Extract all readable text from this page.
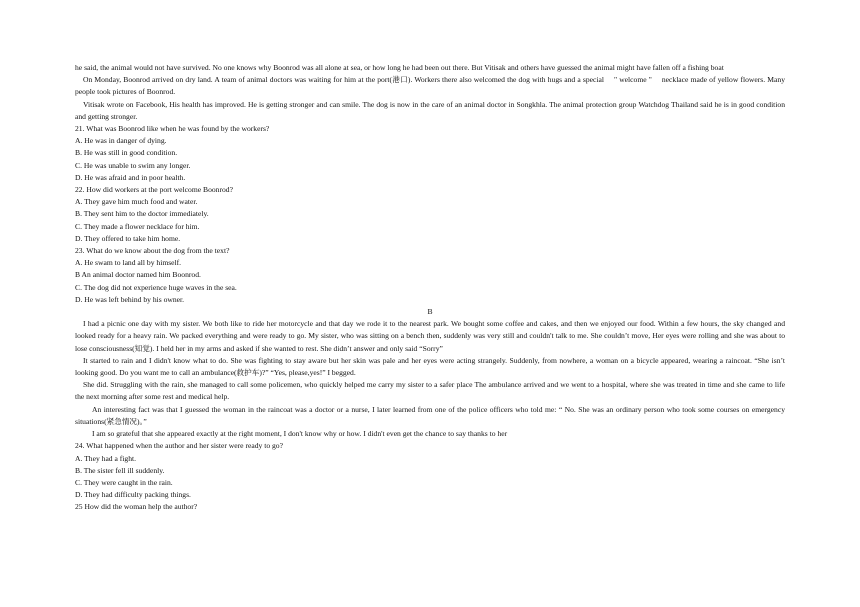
he said, the animal would not have survived. No one knows why Boonrod was all alone at sea, or how long he had been out there. But Vitisak and others have guessed the animal might have fallen off a fishing boat

On Monday, Boonrod arrived on dry land. A team of animal doctors was waiting for him at the port(港口). Workers there also welcomed the dog with hugs and a special 　" welcome " 　necklace made of yellow flowers. Many people took pictures of Boonrod.

Vitisak wrote on Facebook, His health has improved. He is getting stronger and can smile. The dog is now in the care of an animal doctor in Songkhla. The animal protection group Watchdog Thailand said he is in good condition and getting stronger.

21. What was Boonrod like when he was found by the workers?

A. He was in danger of dying.

B. He was still in good condition.

C. He was unable to swim any longer.

D. He was afraid and in poor health.

22. How did workers at the port welcome Boonrod?

A. They gave him much food and water.

B. They sent him to the doctor immediately.

C. They made a flower necklace for him.

D. They offered to take him home.

23. What do we know about the dog from the text?

A. He swam to land all by himself.

B An animal doctor named him Boonrod.

C. The dog did not experience huge waves in the sea.

D. He was left behind by his owner.

B

I had a picnic one day with my sister. We both like to ride her motorcycle and that day we rode it to the nearest park. We bought some coffee and cakes, and then we enjoyed our food. Within a few hours, the sky changed and looked ready for a heavy rain. We packed everything and were ready to go. My sister, who was sitting on a bench then, suddenly was very still and couldn't talk to me. She couldn’t move, Her eyes were rolling and she was about to lose consciousness(知觉). I held her in my arms and asked if she wanted to rest. She didn’t answer and only said “Sorry”

It started to rain and I didn't know what to do. She was fighting to stay aware but her skin was pale and her eyes were acting strangely. Suddenly, from nowhere, a woman on a bicycle appeared, wearing a raincoat. “She isn’t looking good. Do you want me to call an ambulance(救护车)?” “Yes, please,yes!” I begged.

She did. Struggling with the rain, she managed to call some policemen, who quickly helped me carry my sister to a safer place The ambulance arrived and we went to a hospital, where she was treated in time and she came to life the next morning after some rest and medical help.

An interesting fact was that I guessed the woman in the raincoat was a doctor or a nurse, I later learned from one of the police officers who told me: “ No. She was an ordinary person who took some courses on emergency situations(紧急情况)。”

I am so grateful that she appeared exactly at the right moment, I don't know why or how. I didn't even get the chance to say thanks to her

24. What happened when the author and her sister were ready to go?

A. They had a fight.

B. The sister fell ill suddenly.

C. They were caught in the rain.

D. They had difficulty packing things.

25 How did the woman help the author?
